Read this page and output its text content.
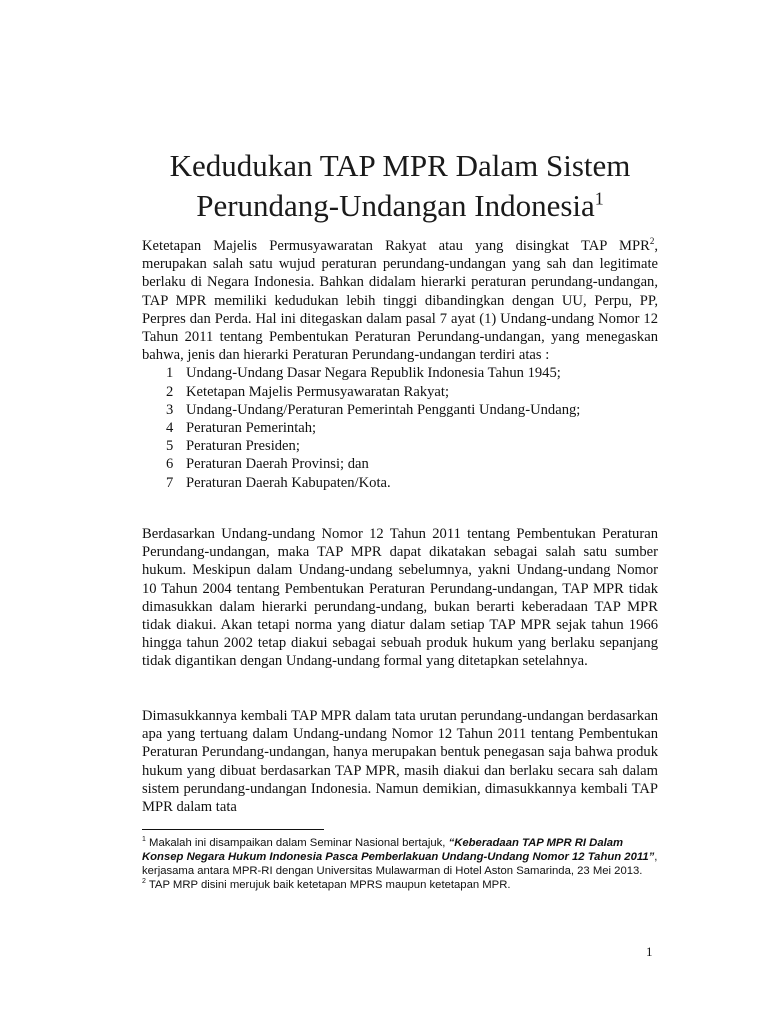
Kedudukan TAP MPR Dalam Sistem
Perundang-Undangan Indonesia$^1$

Ketetapan Majelis Permusyawaratan Rakyat atau yang disingkat TAP MPR$^2$, merupakan salah satu wujud peraturan perundang-undangan yang sah dan legitimate berlaku di Negara Indonesia. Bahkan didalam hierarki peraturan perundang-undangan, TAP MPR memiliki kedudukan lebih tinggi dibandingkan dengan UU, Perpu, PP, Perpres dan Perda. Hal ini ditegaskan dalam pasal 7 ayat (1) Undang-undang Nomor 12 Tahun 2011 tentang Pembentukan Peraturan Perundang-undangan, yang menegaskan bahwa, jenis dan hierarki Peraturan Perundang-undangan terdiri atas :

1 Undang-Undang Dasar Negara Republik Indonesia Tahun 1945;
2 Ketetapan Majelis Permusyawaratan Rakyat;
3 Undang-Undang/Peraturan Pemerintah Pengganti Undang-Undang;
4 Peraturan Pemerintah;
5 Peraturan Presiden;
6 Peraturan Daerah Provinsi; dan
7 Peraturan Daerah Kabupaten/Kota.

Berdasarkan Undang-undang Nomor 12 Tahun 2011 tentang Pembentukan Peraturan Perundang-undangan, maka TAP MPR dapat dikatakan sebagai salah satu sumber hukum. Meskipun dalam Undang-undang sebelumnya, yakni Undang-undang Nomor 10 Tahun 2004 tentang Pembentukan Peraturan Perundang-undangan, TAP MPR tidak dimasukkan dalam hierarki perundang-undang, bukan berarti keberadaan TAP MPR tidak diakui. Akan tetapi norma yang diatur dalam setiap TAP MPR sejak tahun 1966 hingga tahun 2002 tetap diakui sebagai sebuah produk hukum yang berlaku sepanjang tidak digantikan dengan Undang-undang formal yang ditetapkan setelahnya.

Dimasukkannya kembali TAP MPR dalam tata urutan perundang-undangan berdasarkan apa yang tertuang dalam Undang-undang Nomor 12 Tahun 2011 tentang Pembentukan Peraturan Perundang-undangan, hanya merupakan bentuk penegasan saja bahwa produk hukum yang dibuat berdasarkan TAP MPR, masih diakui dan berlaku secara sah dalam sistem perundang-undangan Indonesia. Namun demikian, dimasukkannya kembali TAP MPR dalam tata

$^1$ Makalah ini disampaikan dalam Seminar Nasional bertajuk, “Keberadaan TAP MPR RI Dalam Konsep Negara Hukum Indonesia Pasca Pemberlakuan Undang-Undang Nomor 12 Tahun 2011”, kerjasama antara MPR-RI dengan Universitas Mulawarman di Hotel Aston Samarinda, 23 Mei 2013.

$^2$ TAP MRP disini merujuk baik ketetapan MPRS maupun ketetapan MPR.

1
